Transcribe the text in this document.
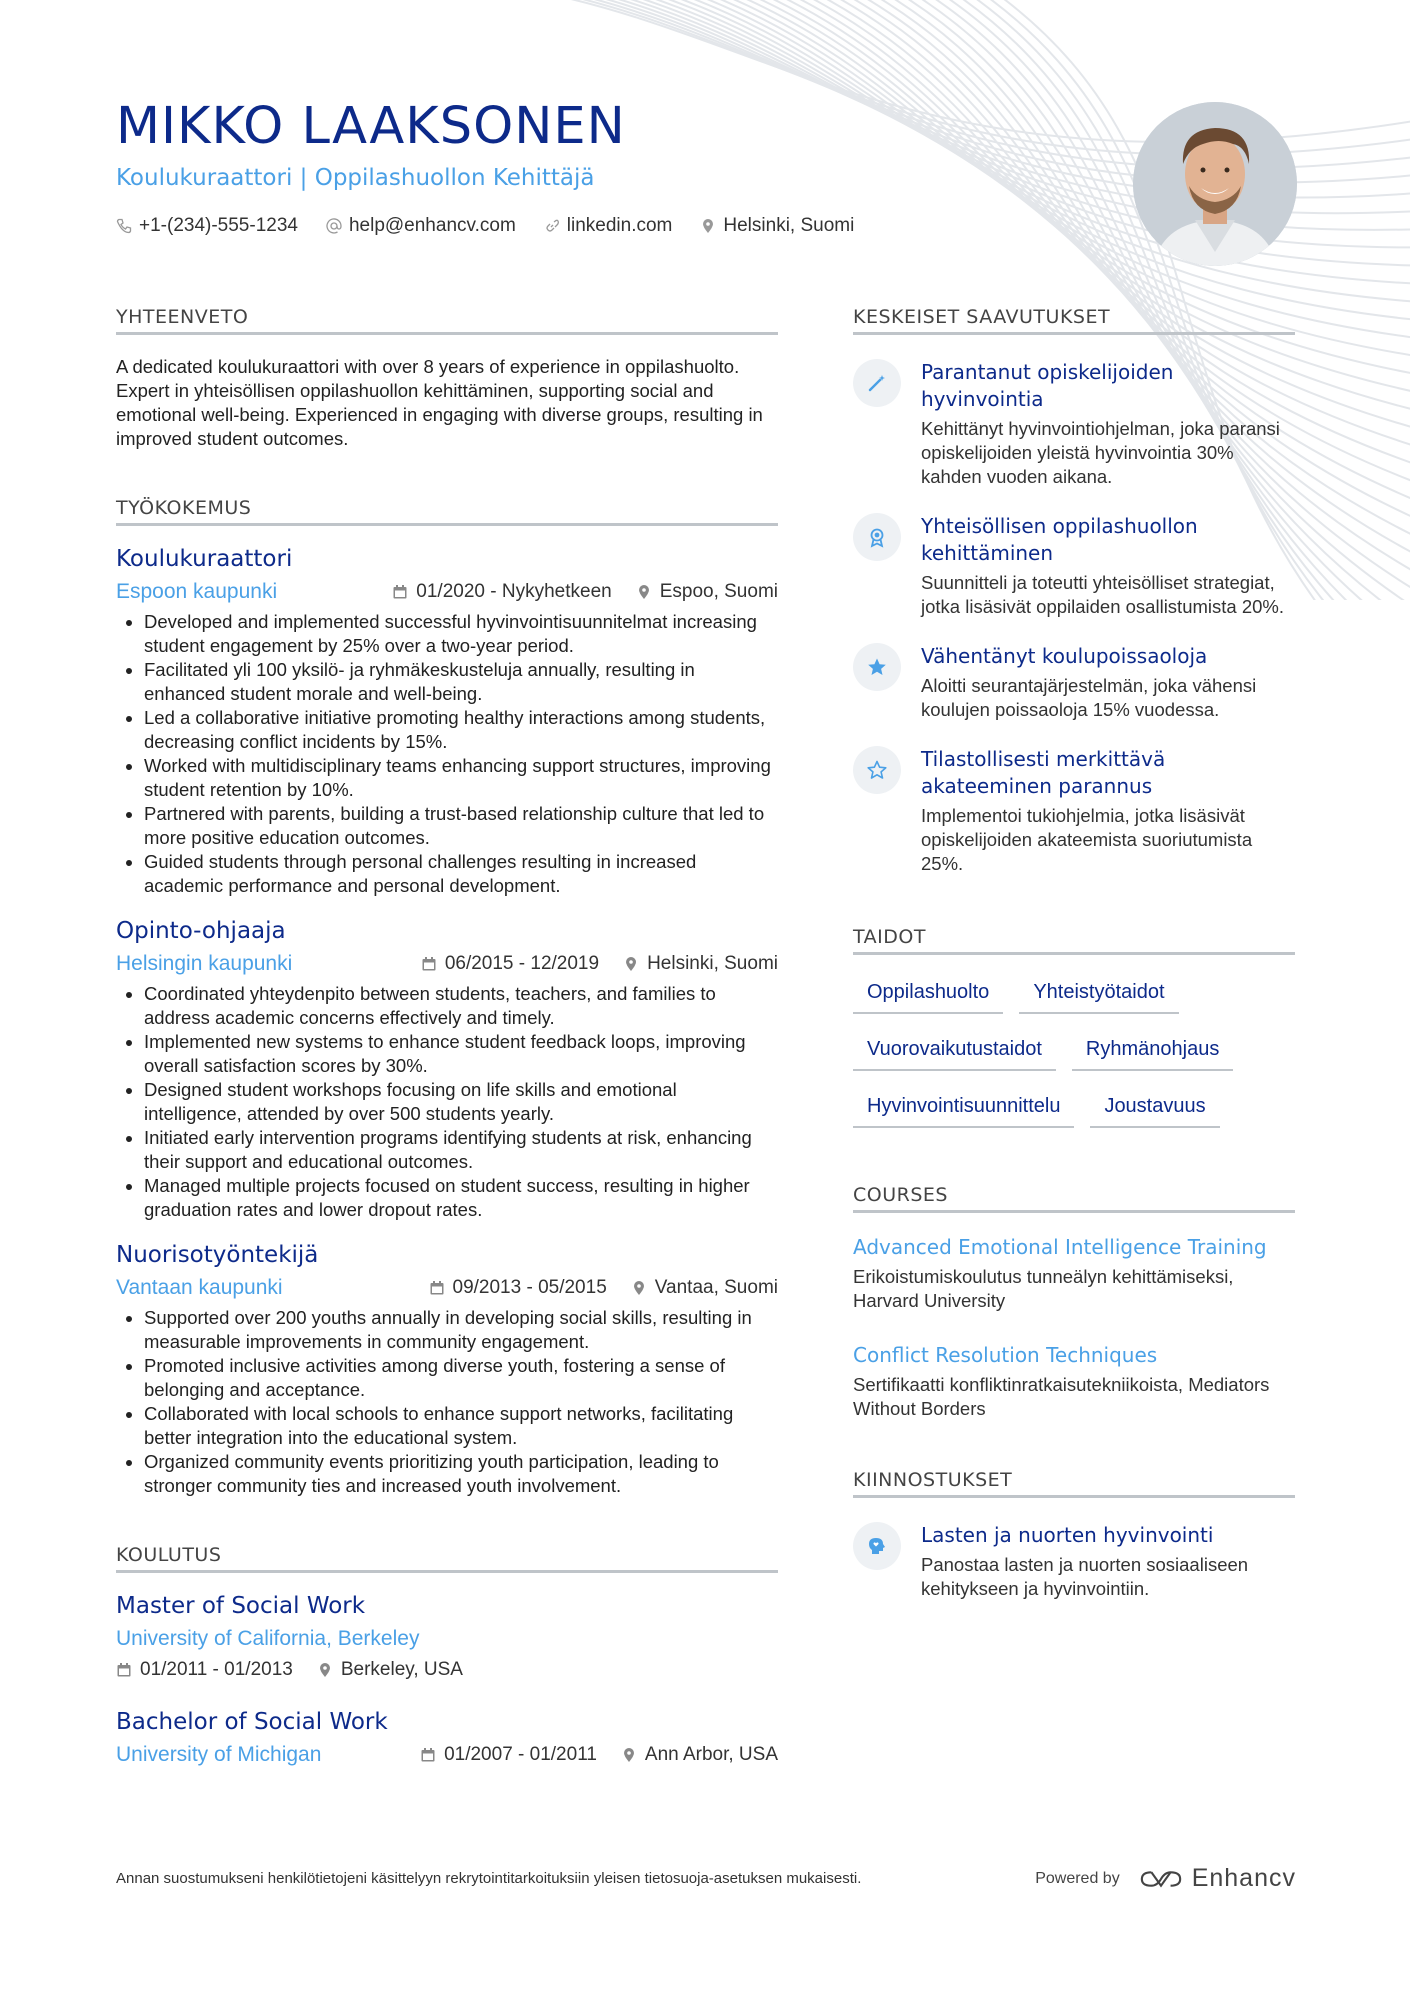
MIKKO LAAKSONEN
Koulukuraattori | Oppilashuollon Kehittäjä
+1-(234)-555-1234	help@enhancv.com	linkedin.com	Helsinki, Suomi
YHTEENVETO

A dedicated koulukuraattori with over 8 years of experience in oppilashuolto. Expert in yhteisöllisen oppilashuollon kehittäminen, supporting social and emotional well-being. Experienced in engaging with diverse groups, resulting in improved student outcomes.

TYÖKOKEMUS
Koulukuraattori
Espoon kaupunki	01/2020 - Nykyhetkeen	Espoo, Suomi
• Developed and implemented successful hyvinvointisuunnitelmat increasing student engagement by 25% over a two-year period.
• Facilitated yli 100 yksilö- ja ryhmäkeskusteluja annually, resulting in enhanced student morale and well-being.
• Led a collaborative initiative promoting healthy interactions among students, decreasing conflict incidents by 15%.
• Worked with multidisciplinary teams enhancing support structures, improving student retention by 10%.
• Partnered with parents, building a trust-based relationship culture that led to more positive education outcomes.
• Guided students through personal challenges resulting in increased academic performance and personal development.
Opinto-ohjaaja
Helsingin kaupunki	06/2015 - 12/2019	Helsinki, Suomi
• Coordinated yhteydenpito between students, teachers, and families to address academic concerns effectively and timely.
• Implemented new systems to enhance student feedback loops, improving overall satisfaction scores by 30%.
• Designed student workshops focusing on life skills and emotional intelligence, attended by over 500 students yearly.
• Initiated early intervention programs identifying students at risk, enhancing their support and educational outcomes.
• Managed multiple projects focused on student success, resulting in higher graduation rates and lower dropout rates.
Nuorisotyöntekijä
Vantaan kaupunki	09/2013 - 05/2015	Vantaa, Suomi
• Supported over 200 youths annually in developing social skills, resulting in measurable improvements in community engagement.
• Promoted inclusive activities among diverse youth, fostering a sense of belonging and acceptance.
• Collaborated with local schools to enhance support networks, facilitating better integration into the educational system.
• Organized community events prioritizing youth participation, leading to stronger community ties and increased youth involvement.
KOULUTUS
Master of Social Work
University of California, Berkeley
01/2011 - 01/2013	Berkeley, USA
Bachelor of Social Work
University of Michigan	01/2007 - 01/2011	Ann Arbor, USA
KESKEISET SAAVUTUKSET
Parantanut opiskelijoiden hyvinvointia
Kehittänyt hyvinvointiohjelman, joka paransi opiskelijoiden yleistä hyvinvointia 30% kahden vuoden aikana.
Yhteisöllisen oppilashuollon kehittäminen
Suunnitteli ja toteutti yhteisölliset strategiat, jotka lisäsivät oppilaiden osallistumista 20%.
Vähentänyt koulupoissaoloja
Aloitti seurantajärjestelmän, joka vähensi koulujen poissaoloja 15% vuodessa.
Tilastollisesti merkittävä akateeminen parannus
Implementoi tukiohjelmia, jotka lisäsivät opiskelijoiden akateemista suoriutumista 25%.
TAIDOT
Oppilashuolto	Yhteistyötaidot
Vuorovaikutustaidot	Ryhmänohjaus
Hyvinvointisuunnittelu	Joustavuus
COURSES
Advanced Emotional Intelligence Training
Erikoistumiskoulutus tunneälyn kehittämiseksi, Harvard University
Conflict Resolution Techniques
Sertifikaatti konfliktinratkaisutekniikoista, Mediators Without Borders
KIINNOSTUKSET
Lasten ja nuorten hyvinvointi
Panostaa lasten ja nuorten sosiaaliseen kehitykseen ja hyvinvointiin.
Annan suostumukseni henkilötietojeni käsittelyyn rekrytointitarkoituksiin yleisen tietosuoja-asetuksen mukaisesti.	Powered by	Enhancv
